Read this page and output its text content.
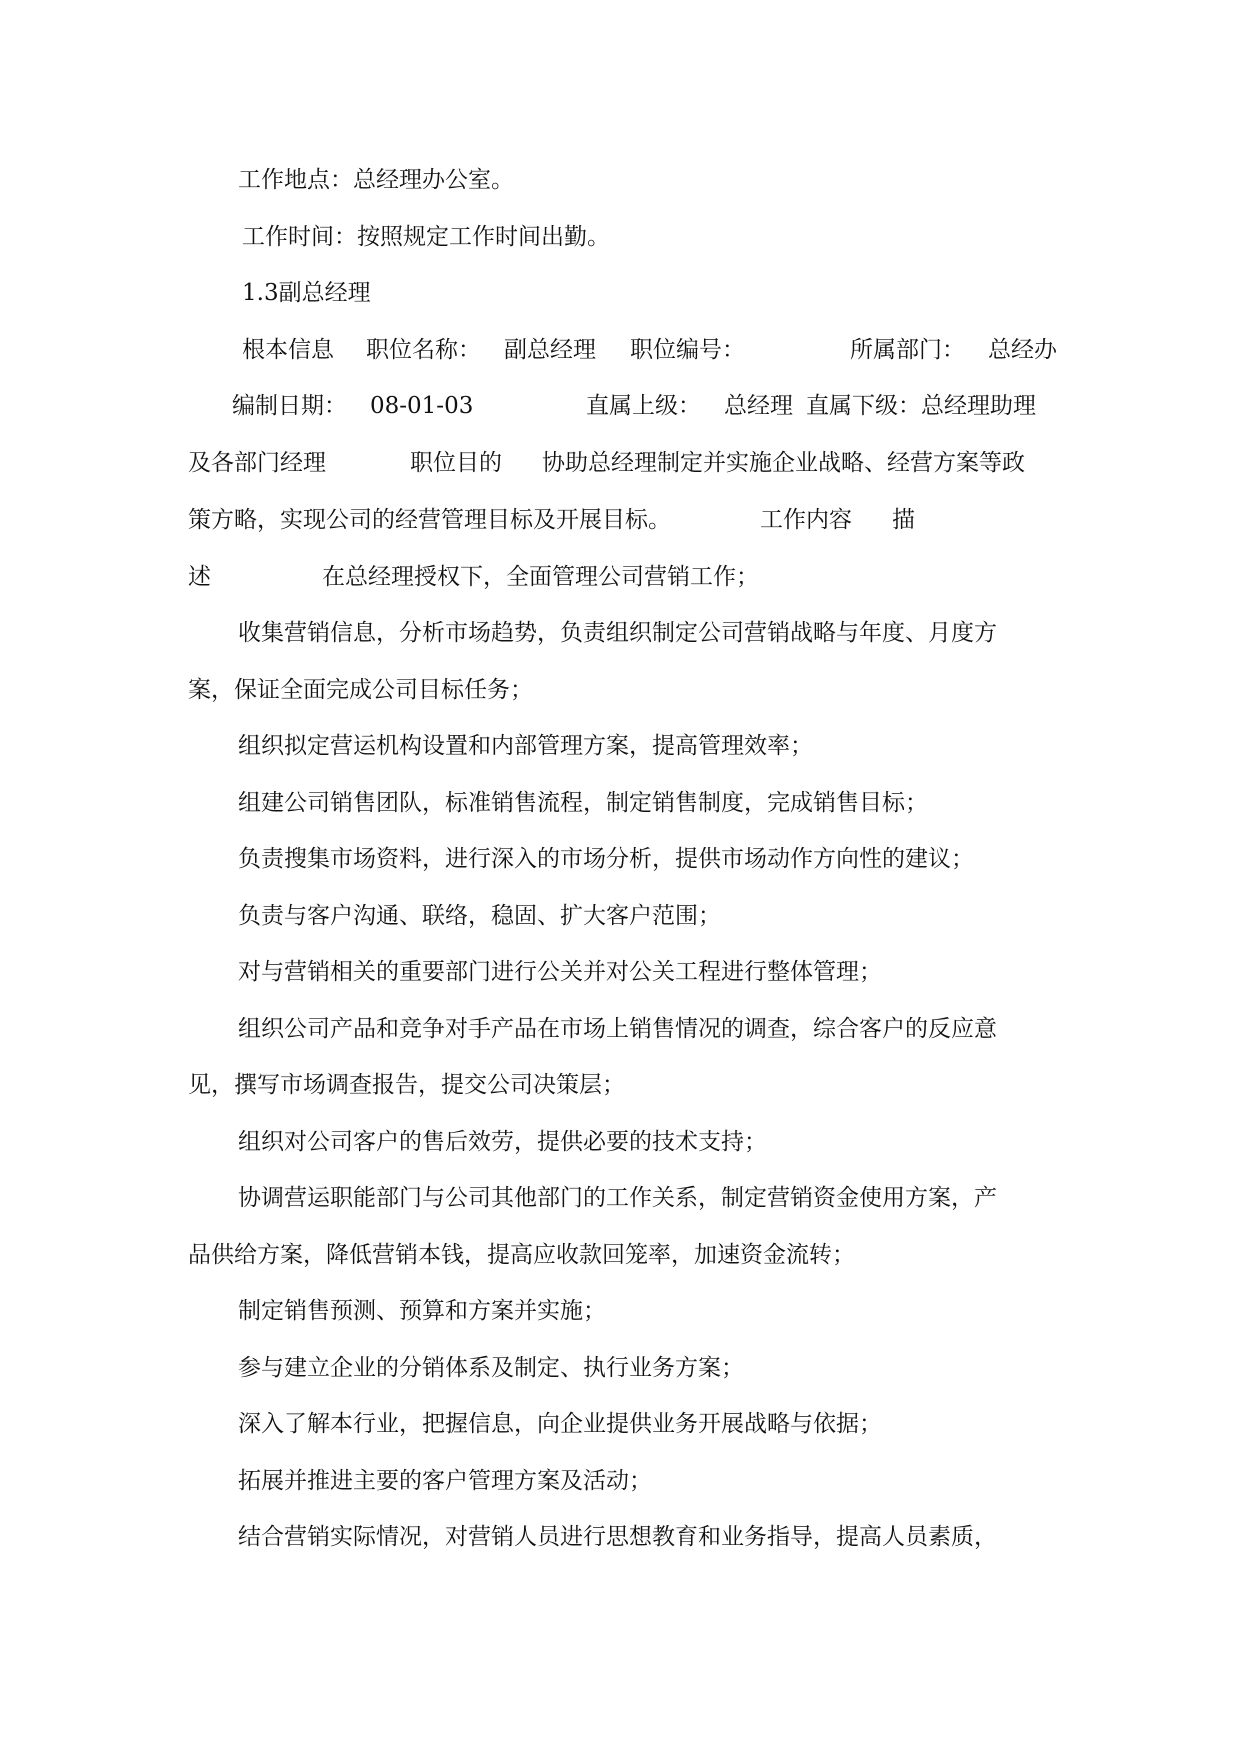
工作地点：总经理办公室。
工作时间：按照规定工作时间出勤。
1.3副总经理
根本信息 职位名称： 副总经理 职位编号：	所属部门： 总经办
编制日期： 08-01-03	直属上级： 总经理 直属下级：总经理助理
及各部门经理	职位目的 协助总经理制定并实施企业战略、经营方案等政
策方略，实现公司的经营管理目标及开展目标。	工作内容 描
述	在总经理授权下，全面管理公司营销工作；
收集营销信息，分析市场趋势，负责组织制定公司营销战略与年度、月度方
案，保证全面完成公司目标任务；
组织拟定营运机构设置和内部管理方案，提高管理效率；
组建公司销售团队，标准销售流程，制定销售制度，完成销售目标；
负责搜集市场资料，进行深入的市场分析，提供市场动作方向性的建议；
负责与客户沟通、联络，稳固、扩大客户范围；
对与营销相关的重要部门进行公关并对公关工程进行整体管理；
组织公司产品和竞争对手产品在市场上销售情况的调查，综合客户的反应意
见，撰写市场调查报告，提交公司决策层；
组织对公司客户的售后效劳，提供必要的技术支持；
协调营运职能部门与公司其他部门的工作关系，制定营销资金使用方案，产
品供给方案，降低营销本钱，提高应收款回笼率，加速资金流转；
制定销售预测、预算和方案并实施；
参与建立企业的分销体系及制定、执行业务方案；
深入了解本行业，把握信息，向企业提供业务开展战略与依据；
拓展并推进主要的客户管理方案及活动；
结合营销实际情况，对营销人员进行思想教育和业务指导，提高人员素质，
